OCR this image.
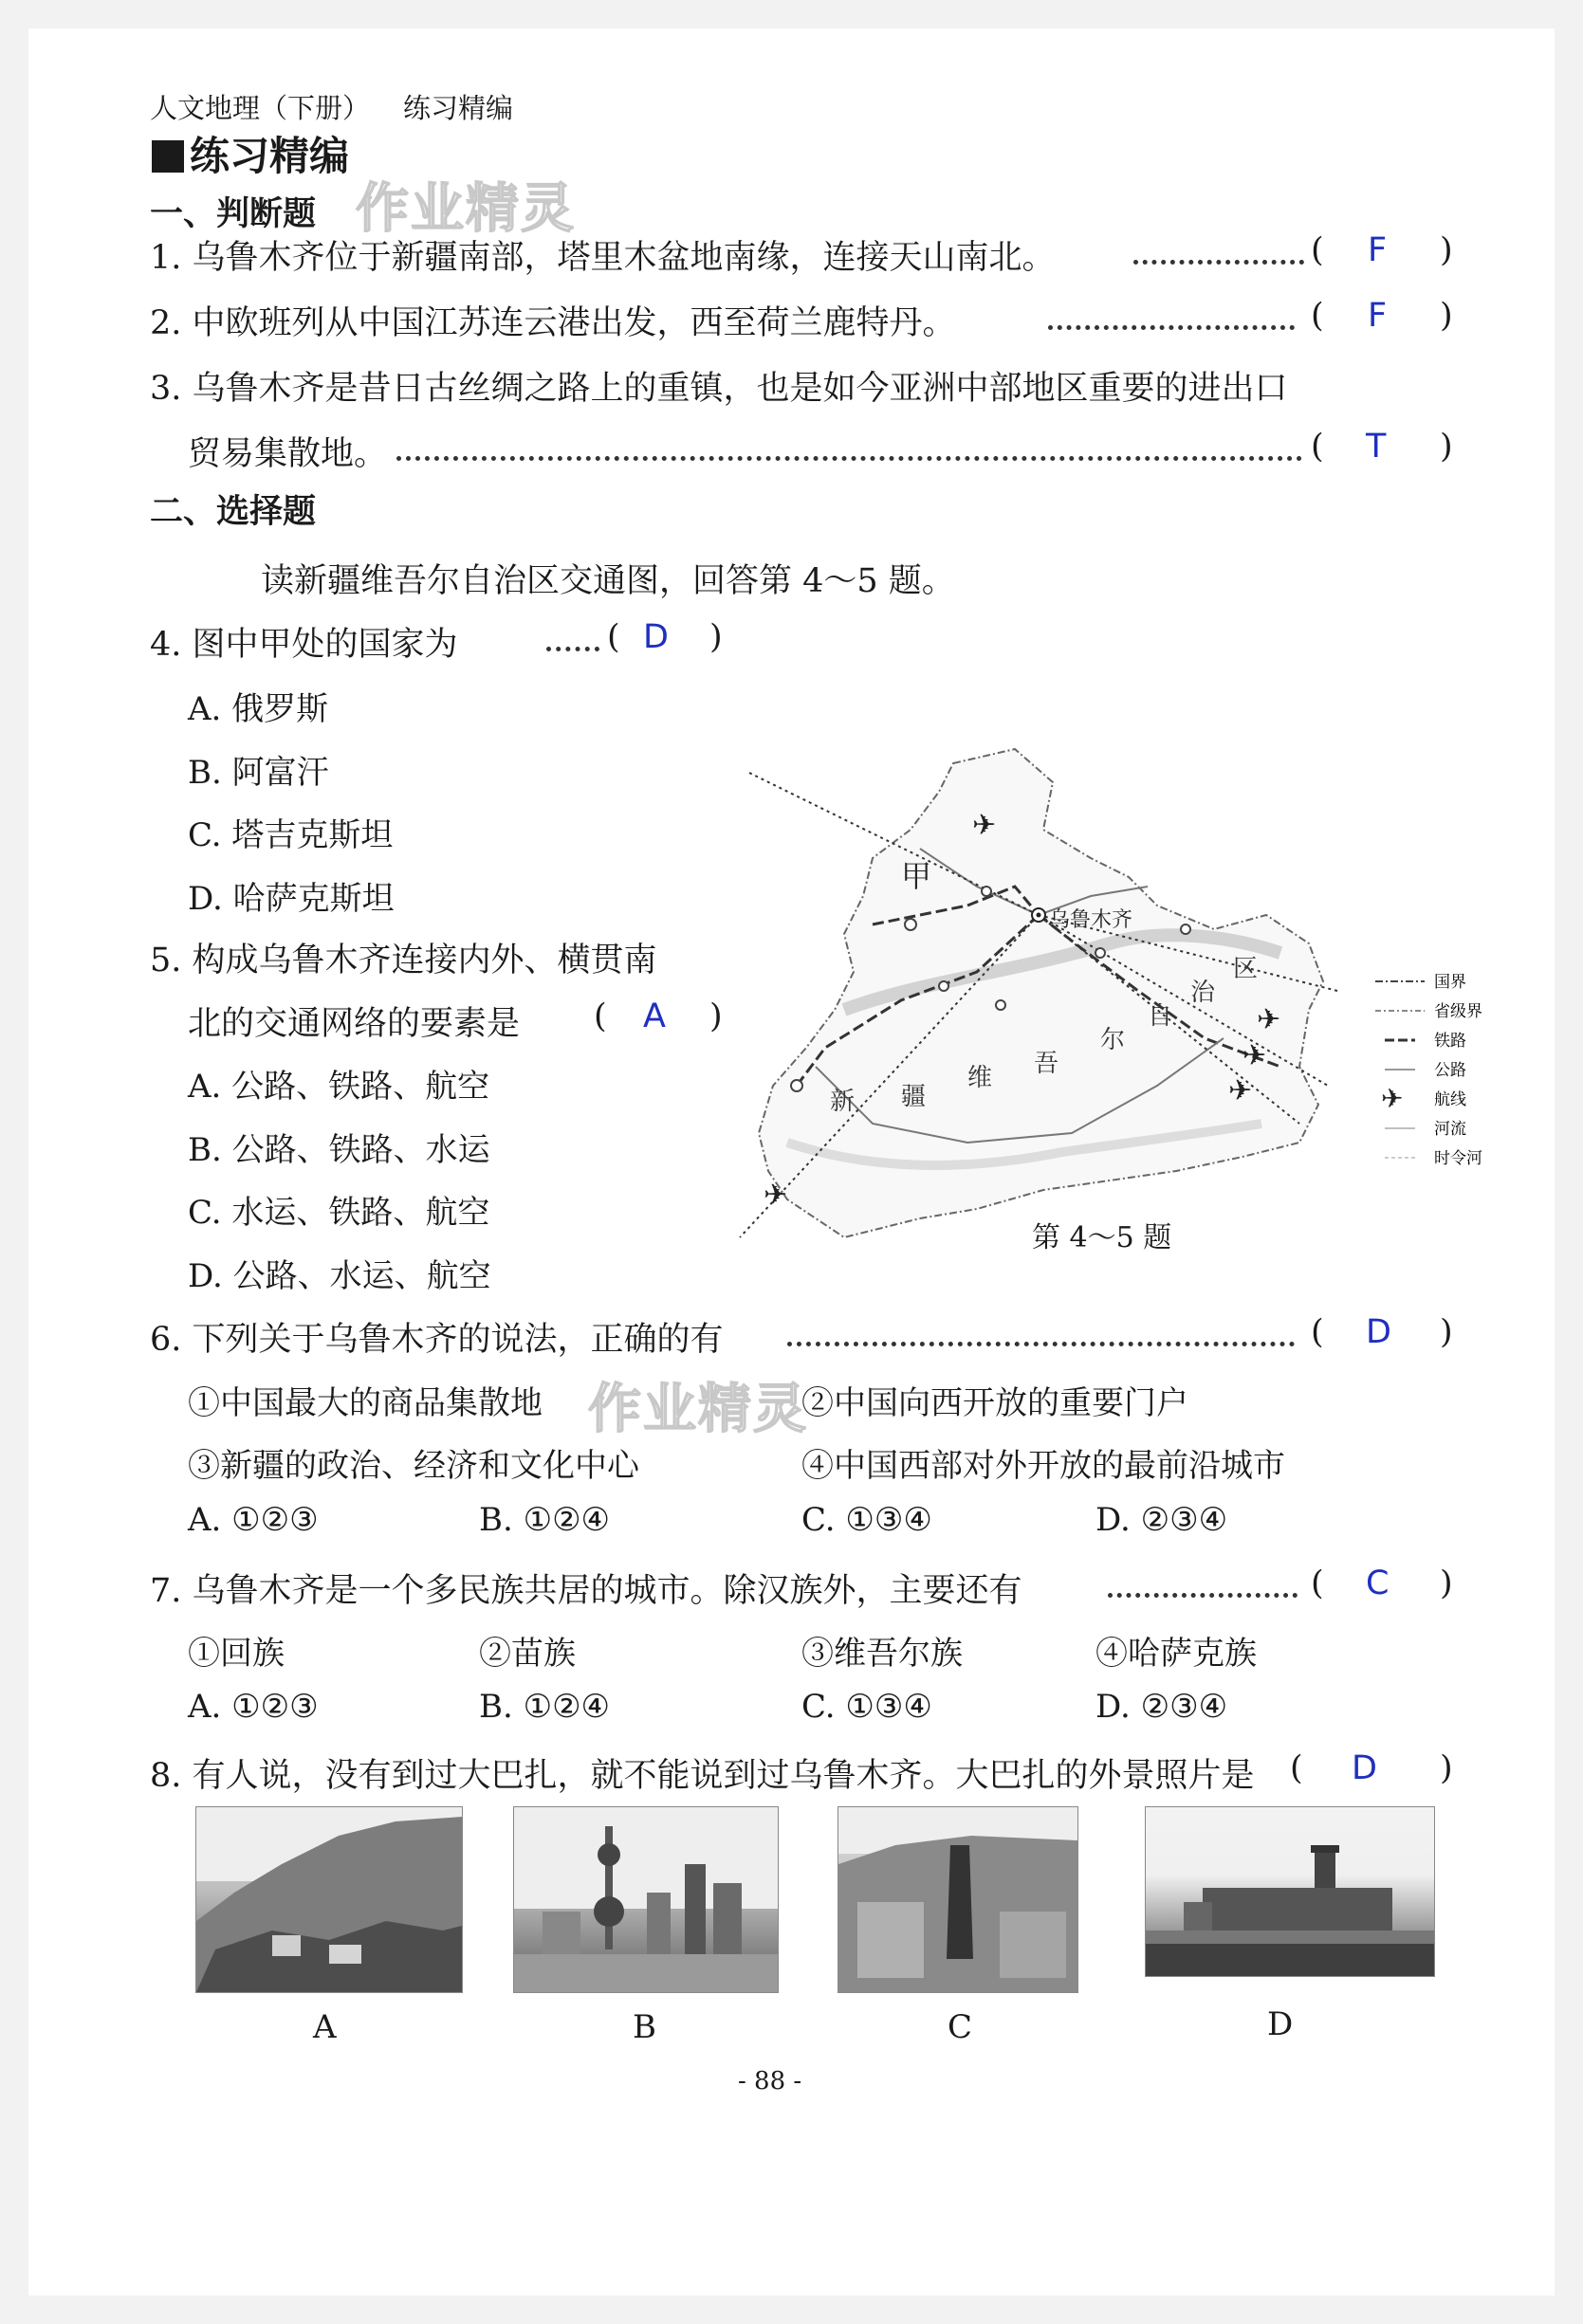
人文地理（下册） 练习精编
练习精编
作业精灵
一、判断题
1. 乌鲁木齐位于新疆南部，塔里木盆地南缘，连接天山南北。	( F )
2. 中欧班列从中国江苏连云港出发，西至荷兰鹿特丹。	( F )
3. 乌鲁木齐是昔日古丝绸之路上的重镇，也是如今亚洲中部地区重要的进出口
贸易集散地。	( T )
二、选择题
读新疆维吾尔自治区交通图，回答第 4～5 题。
4. 图中甲处的国家为	( D )
A. 俄罗斯
B. 阿富汗
C. 塔吉克斯坦
D. 哈萨克斯坦
5. 构成乌鲁木齐连接内外、横贯南
北的交通网络的要素是 ( A )
A. 公路、铁路、航空
B. 公路、铁路、水运
C. 水运、铁路、航空
D. 公路、水运、航空
✈
✈
✈
✈
✈
甲
乌鲁木齐
新 疆
维 吾
尔
自
治
区	国界
省级界
铁路
公路
✈ 航线
河流
时令河
第 4～5 题
6. 下列关于乌鲁木齐的说法，正确的有	( D )
①中国最大的商品集散地	②中国向西开放的重要门户
作业精灵
③新疆的政治、经济和文化中心	④中国西部对外开放的最前沿城市
A. ①②③	B. ①②④	C. ①③④	D. ②③④
7. 乌鲁木齐是一个多民族共居的城市。除汉族外，主要还有	( C )
①回族	②苗族	③维吾尔族	④哈萨克族
A. ①②③	B. ①②④	C. ①③④	D. ②③④
8. 有人说，没有到过大巴扎，就不能说到过乌鲁木齐。大巴扎的外景照片是 ( D )
A	B	C	D
- 88 -
